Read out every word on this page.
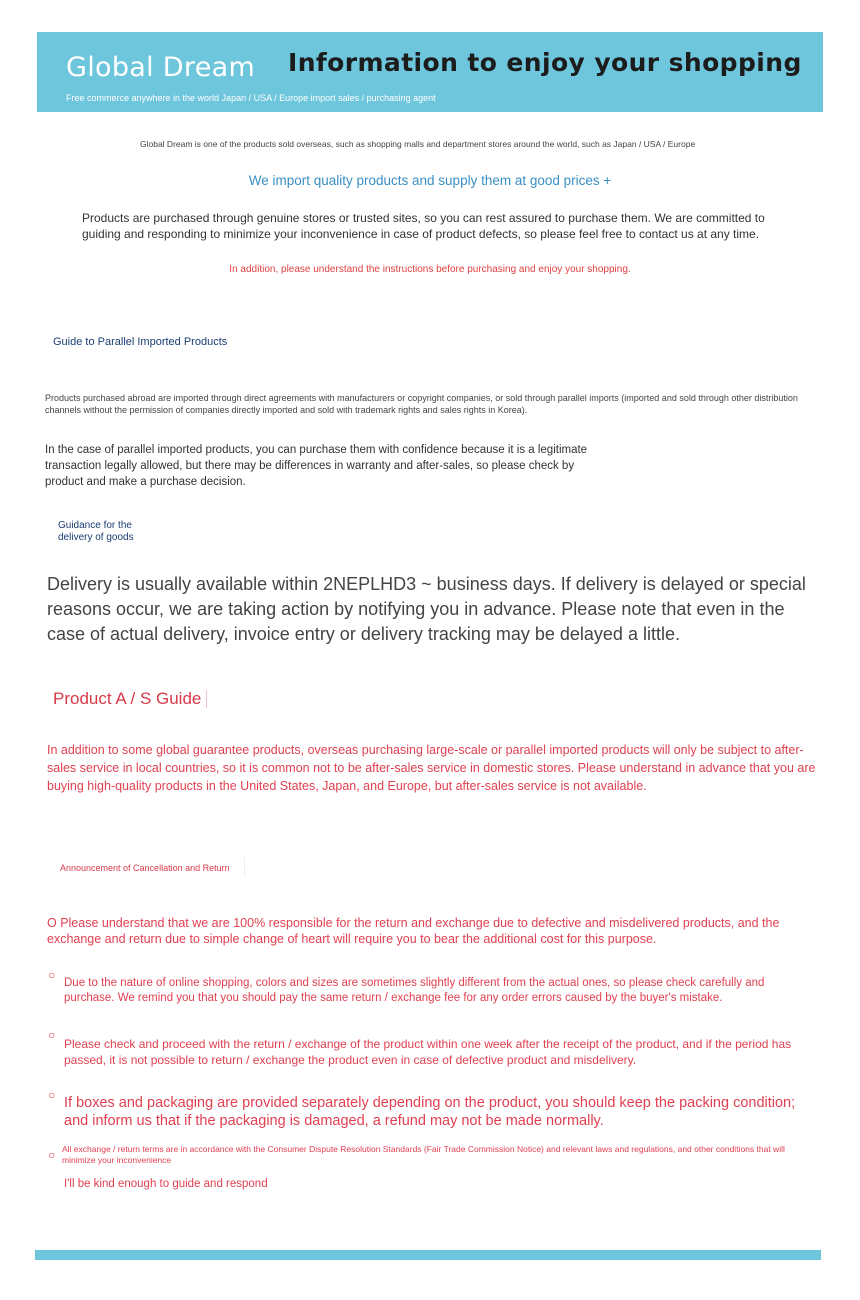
Global Dream Information to enjoy your shopping
Free commerce anywhere in the world Japan / USA / Europe import sales / purchasing agent
Global Dream is one of the products sold overseas, such as shopping malls and department stores around the world, such as Japan / USA / Europe
We import quality products and supply them at good prices +
Products are purchased through genuine stores or trusted sites, so you can rest assured to purchase them. We are committed to guiding and responding to minimize your inconvenience in case of product defects, so please feel free to contact us at any time.
In addition, please understand the instructions before purchasing and enjoy your shopping.
Guide to Parallel Imported Products
Products purchased abroad are imported through direct agreements with manufacturers or copyright companies, or sold through parallel imports (imported and sold through other distribution channels without the permission of companies directly imported and sold with trademark rights and sales rights in Korea).
In the case of parallel imported products, you can purchase them with confidence because it is a legitimate transaction legally allowed, but there may be differences in warranty and after-sales, so please check by product and make a purchase decision.
Guidance for the delivery of goods
Delivery is usually available within 2NEPLHD3 ~ business days. If delivery is delayed or special reasons occur, we are taking action by notifying you in advance. Please note that even in the case of actual delivery, invoice entry or delivery tracking may be delayed a little.
Product A / S Guide
In addition to some global guarantee products, overseas purchasing large-scale or parallel imported products will only be subject to after-sales service in local countries, so it is common not to be after-sales service in domestic stores. Please understand in advance that you are buying high-quality products in the United States, Japan, and Europe, but after-sales service is not available.
Announcement of Cancellation and Return
O Please understand that we are 100% responsible for the return and exchange due to defective and misdelivered products, and the exchange and return due to simple change of heart will require you to bear the additional cost for this purpose.
○
Due to the nature of online shopping, colors and sizes are sometimes slightly different from the actual ones, so please check carefully and purchase. We remind you that you should pay the same return / exchange fee for any order errors caused by the buyer's mistake.
○
Please check and proceed with the return / exchange of the product within one week after the receipt of the product, and if the period has passed, it is not possible to return / exchange the product even in case of defective product and misdelivery.
○ If boxes and packaging are provided separately depending on the product, you should keep the packing condition; and inform us that if the packaging is damaged, a refund may not be made normally.
○ All exchange / return terms are in accordance with the Consumer Dispute Resolution Standards (Fair Trade Commission Notice) and relevant laws and regulations, and other conditions that will minimize your inconvenience
I'll be kind enough to guide and respond
